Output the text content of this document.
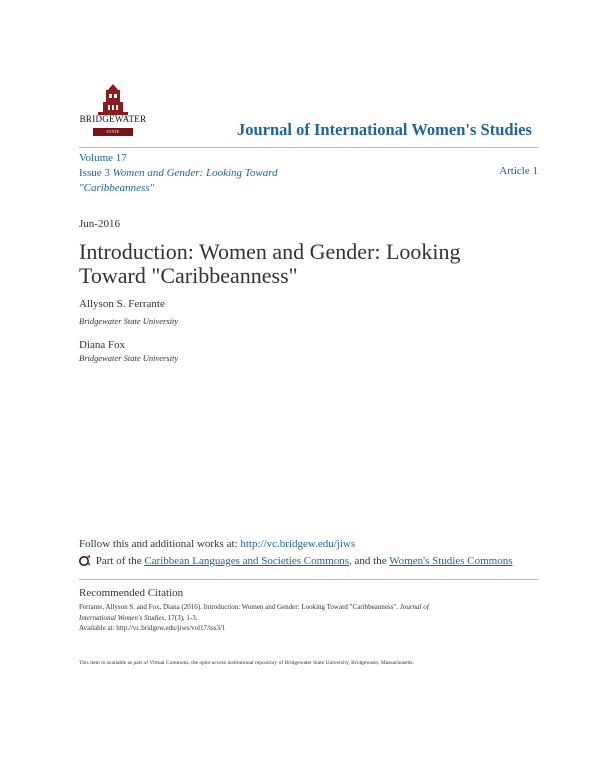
BRIDGEWATER
STATE UNIVERSITY
Journal of International Women's Studies
Volume 17
Issue 3 Women and Gender: Looking Toward
"Caribbeanness"
Article 1
Jun-2016
Introduction: Women and Gender: Looking
Toward "Caribbeanness"
Allyson S. Ferrante
Bridgewater State University
Diana Fox
Bridgewater State University
Follow this and additional works at: http://vc.bridgew.edu/jiws
Part of the Caribbean Languages and Societies Commons, and the Women's Studies Commons
Recommended Citation
Ferrante, Allyson S. and Fox, Diana (2016). Introduction: Women and Gender: Looking Toward "Caribbeanness". Journal of
International Women's Studies, 17(3), 1-3.
Available at: http://vc.bridgew.edu/jiws/vol17/iss3/1
This item is available as part of Virtual Commons, the open-access institutional repository of Bridgewater State University, Bridgewater, Massachusetts.
